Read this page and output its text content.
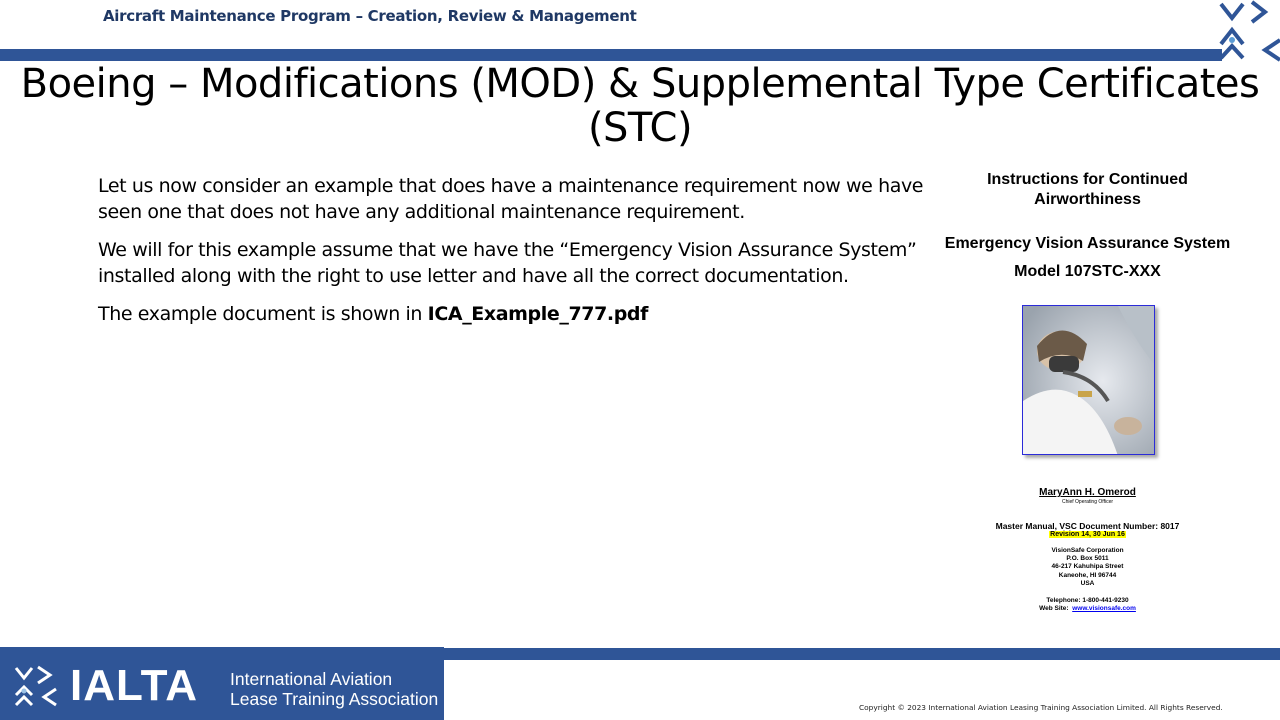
Aircraft Maintenance Program – Creation, Review & Management
Boeing – Modifications (MOD) & Supplemental Type Certificates (STC)

Let us now consider an example that does have a maintenance requirement now we have seen one that does not have any additional maintenance requirement.

We will for this example assume that we have the “Emergency Vision Assurance System” installed along with the right to use letter and have all the correct documentation.

The example document is shown in ICA_Example_777.pdf

Instructions for Continued
Airworthiness
Emergency Vision Assurance System
Model 107STC-XXX
MaryAnn H. Omerod
Chief Operating Officer
Master Manual, VSC Document Number: 8017
Revision 14, 30 Jun 16
VisionSafe Corporation
P.O. Box 5011
46-217 Kahuhipa Street
Kaneohe, HI 96744
USA
Telephone: 1-800-441-9230
Web Site: www.visionsafe.com
IALTA International Aviation
Lease Training Association	Copyright © 2023 International Aviation Leasing Training Association Limited. All Rights Reserved.
